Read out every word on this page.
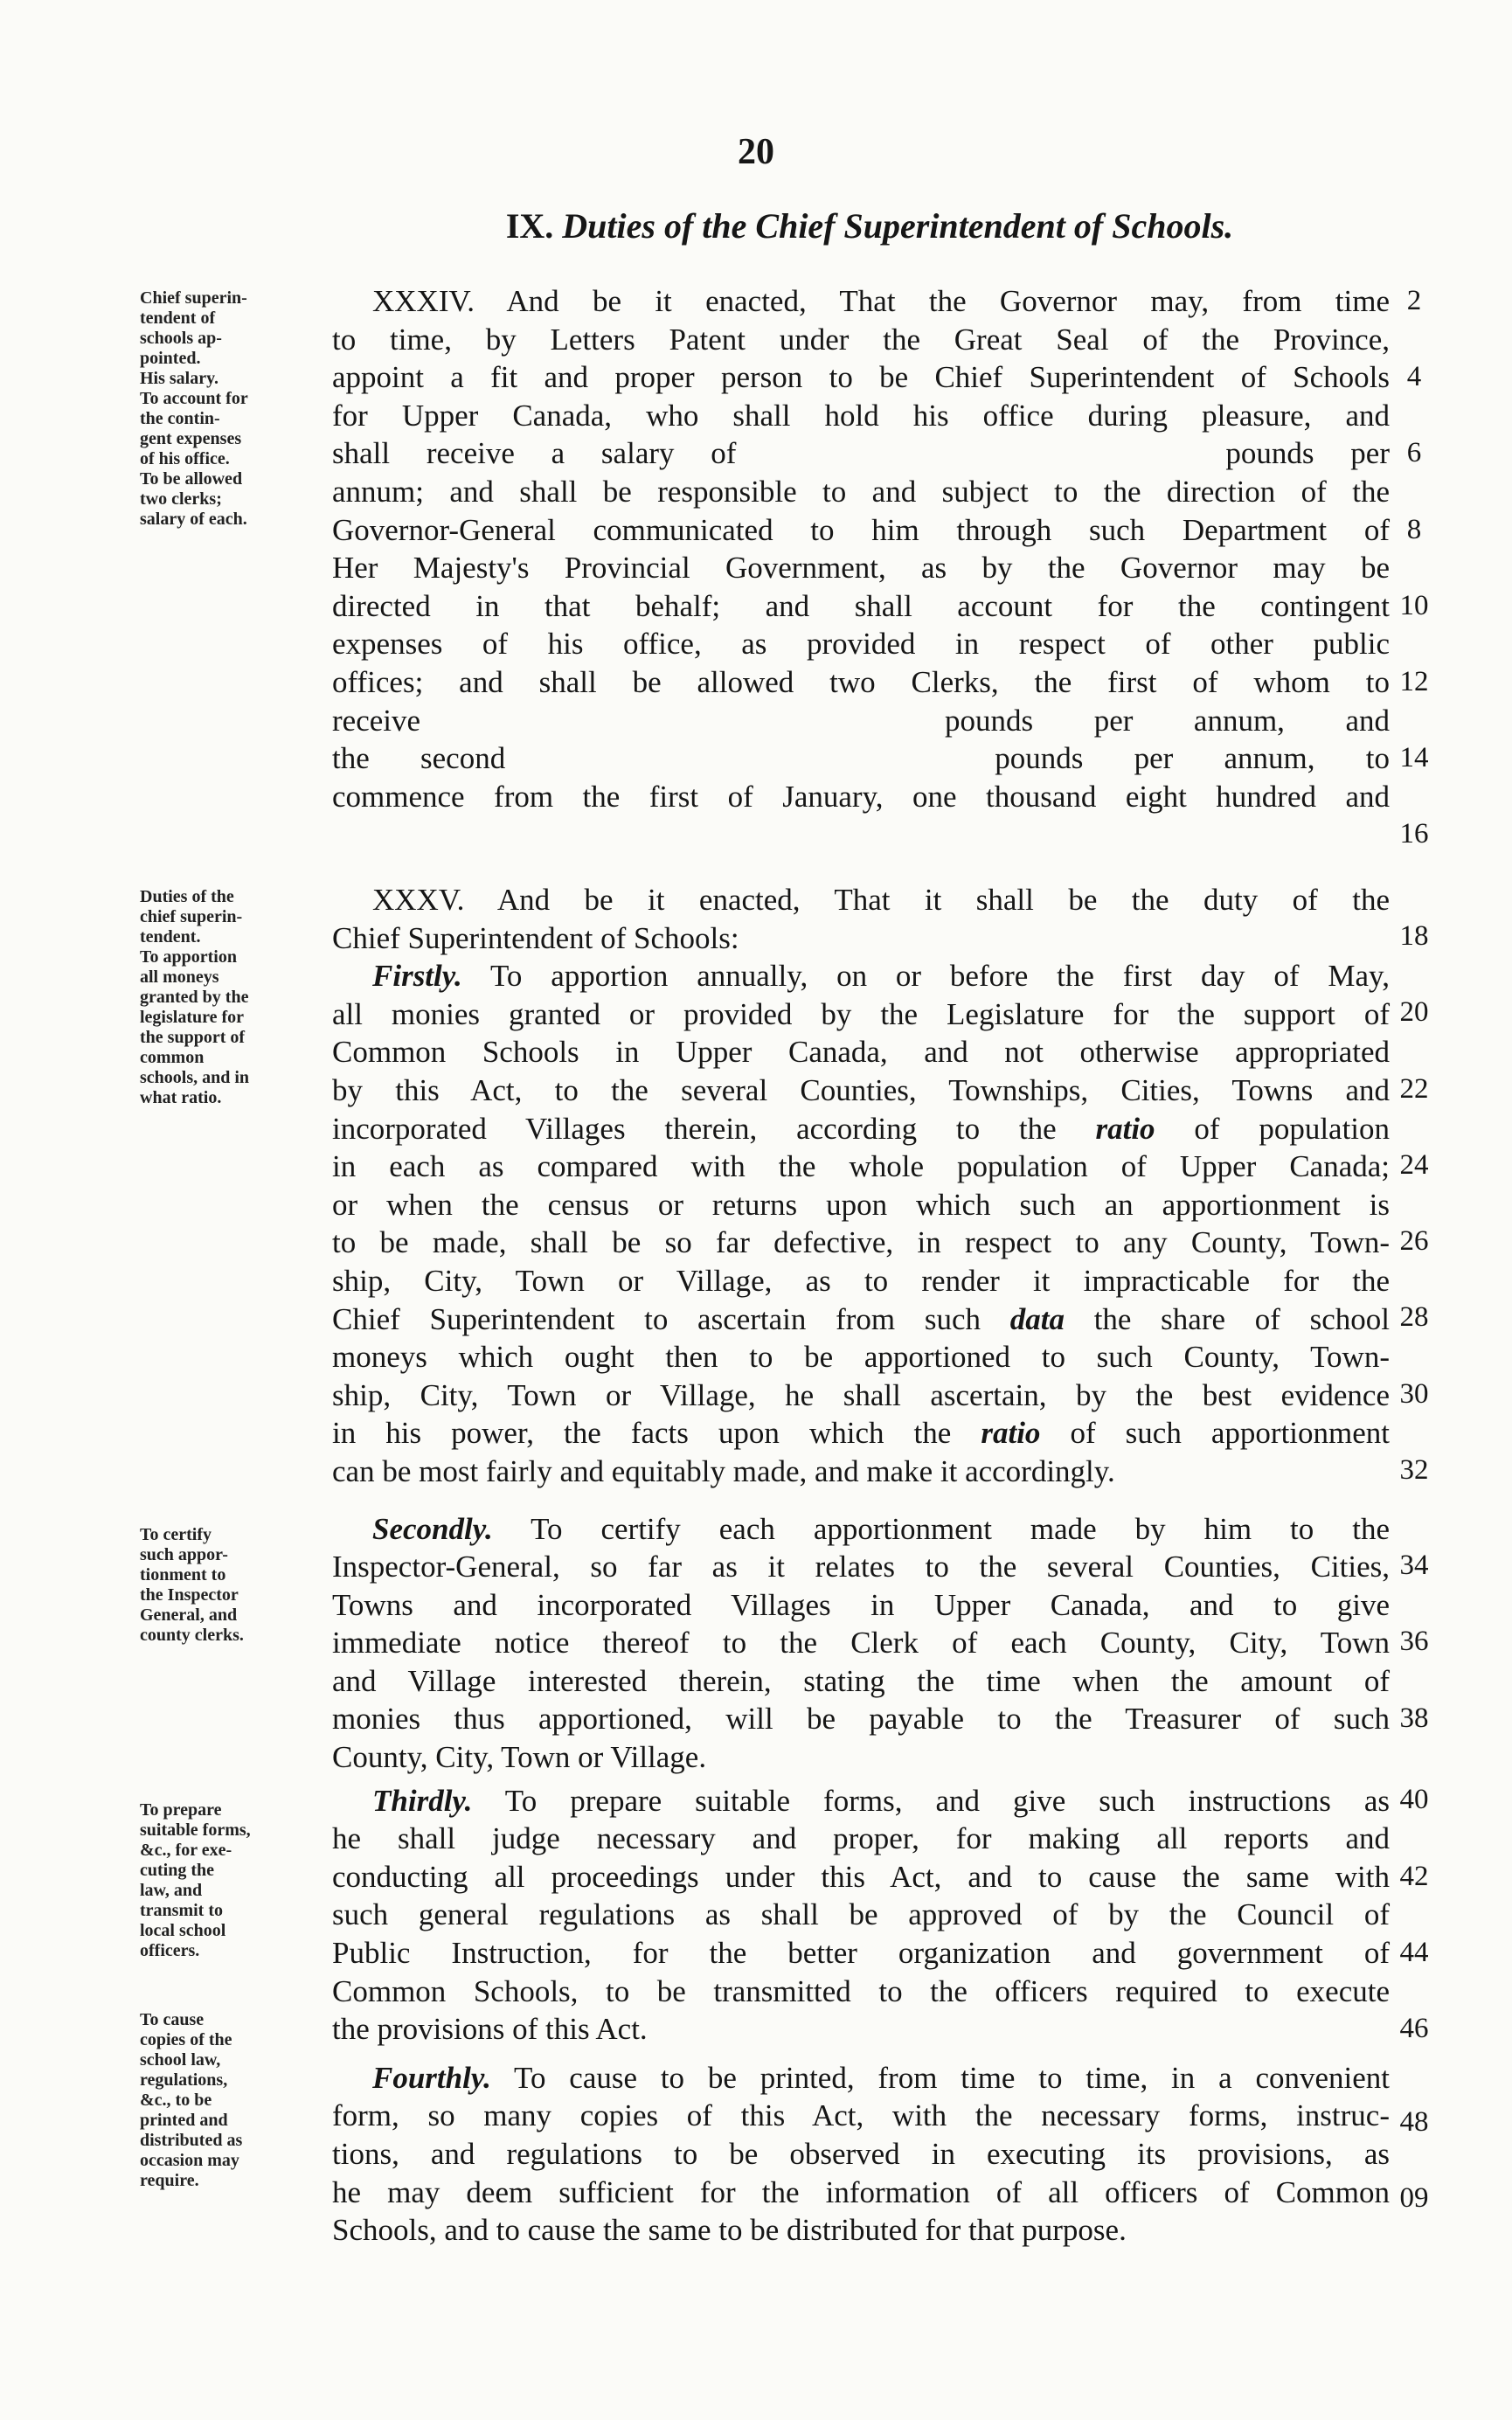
20
IX. Duties of the Chief Superintendent of Schools.
Chief superin-
tendent of
schools ap-
pointed.
His salary.
To account for
the contin-
gent expenses
of his office.
To be allowed
two clerks;
salary of each.
Duties of the
chief superin-
tendent.
To apportion
all moneys
granted by the
legislature for
the support of
common
schools, and in
what ratio.
To certify
such appor-
tionment to
the Inspector
General, and
county clerks.
To prepare
suitable forms,
&c., for exe-
cuting the
law, and
transmit to
local school
officers.
To cause
copies of the
school law,
regulations,
&c., to be
printed and
distributed as
occasion may
require.
XXXIV. And be it enacted, That the Governor may, from time
to time, by Letters Patent under the Great Seal of the Province,
appoint a fit and proper person to be Chief Superintendent of Schools
for Upper Canada, who shall hold his office during pleasure, and
shall receive a salary of	pounds per
annum; and shall be responsible to and subject to the direction of the
Governor-General communicated to him through such Department of
Her Majesty's Provincial Government, as by the Governor may be
directed in that behalf; and shall account for the contingent
expenses of his office, as provided in respect of other public
offices; and shall be allowed two Clerks, the first of whom to
receive	pounds per annum, and
the second	pounds per annum, to
commence from the first of January, one thousand eight hundred and
XXXV. And be it enacted, That it shall be the duty of the
Chief Superintendent of Schools:
Firstly. To apportion annually, on or before the first day of May,
all monies granted or provided by the Legislature for the support of
Common Schools in Upper Canada, and not otherwise appropriated
by this Act, to the several Counties, Townships, Cities, Towns and
incorporated Villages therein, according to the ratio of population
in each as compared with the whole population of Upper Canada;
or when the census or returns upon which such an apportionment is
to be made, shall be so far defective, in respect to any County, Town-
ship, City, Town or Village, as to render it impracticable for the
Chief Superintendent to ascertain from such data the share of school
moneys which ought then to be apportioned to such County, Town-
ship, City, Town or Village, he shall ascertain, by the best evidence
in his power, the facts upon which the ratio of such apportionment
can be most fairly and equitably made, and make it accordingly.
Secondly. To certify each apportionment made by him to the
Inspector-General, so far as it relates to the several Counties, Cities,
Towns and incorporated Villages in Upper Canada, and to give
immediate notice thereof to the Clerk of each County, City, Town
and Village interested therein, stating the time when the amount of
monies thus apportioned, will be payable to the Treasurer of such
County, City, Town or Village.
Thirdly. To prepare suitable forms, and give such instructions as
he shall judge necessary and proper, for making all reports and
conducting all proceedings under this Act, and to cause the same with
such general regulations as shall be approved of by the Council of
Public Instruction, for the better organization and government of
Common Schools, to be transmitted to the officers required to execute
the provisions of this Act.
Fourthly. To cause to be printed, from time to time, in a convenient
form, so many copies of this Act, with the necessary forms, instruc-
tions, and regulations to be observed in executing its provisions, as
he may deem sufficient for the information of all officers of Common
Schools, and to cause the same to be distributed for that purpose.
2
4
6
8
10
12
14
16
18
20
22
24
26
28
30
32
34
36
38
40
42
44
46
48
09
